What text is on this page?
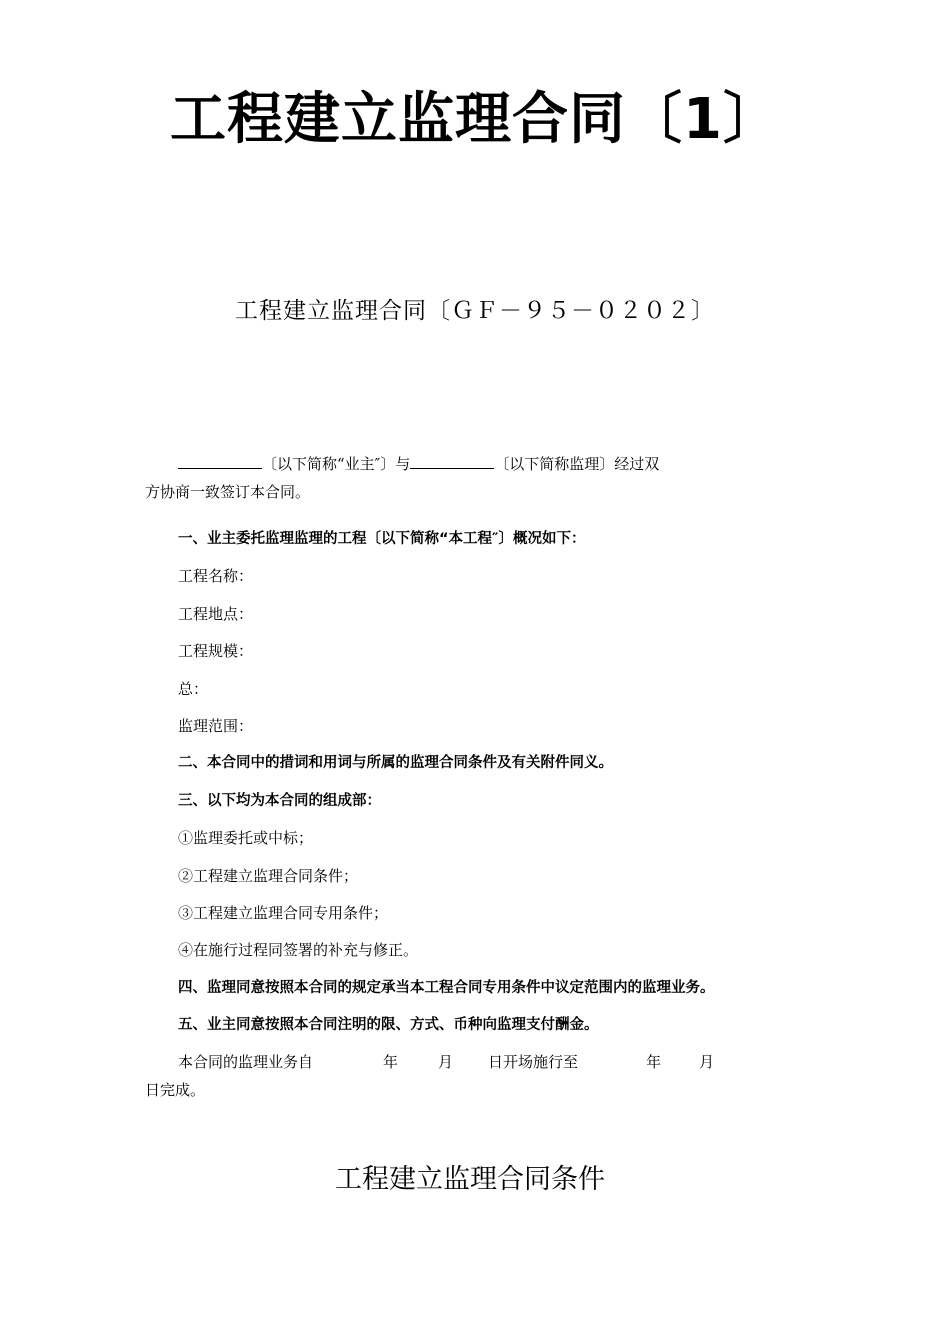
工程建立监理合同〔1〕
工程建立监理合同〔ＧＦ－９５－０２０２〕
〔以下简称“业主″〕与	〔以下简称监理〕经过双
方协商一致签订本合同。
一、业主委托监理监理的工程〔以下简称“本工程″〕概况如下：
工程名称：
工程地点：
工程规模：
总：
监理范围：
二、本合同中的措词和用词与所属的监理合同条件及有关附件同义。
三、以下均为本合同的组成部：
①监理委托或中标；
②工程建立监理合同条件；
③工程建立监理合同专用条件；
④在施行过程同签署的补充与修正。
四、监理同意按照本合同的规定承当本工程合同专用条件中议定范围内的监理业务。
五、业主同意按照本合同注明的限、方式、币种向监理支付酬金。
本合同的监理业务自	年	月 日开场施行至	年	月
日完成。
工程建立监理合同条件
